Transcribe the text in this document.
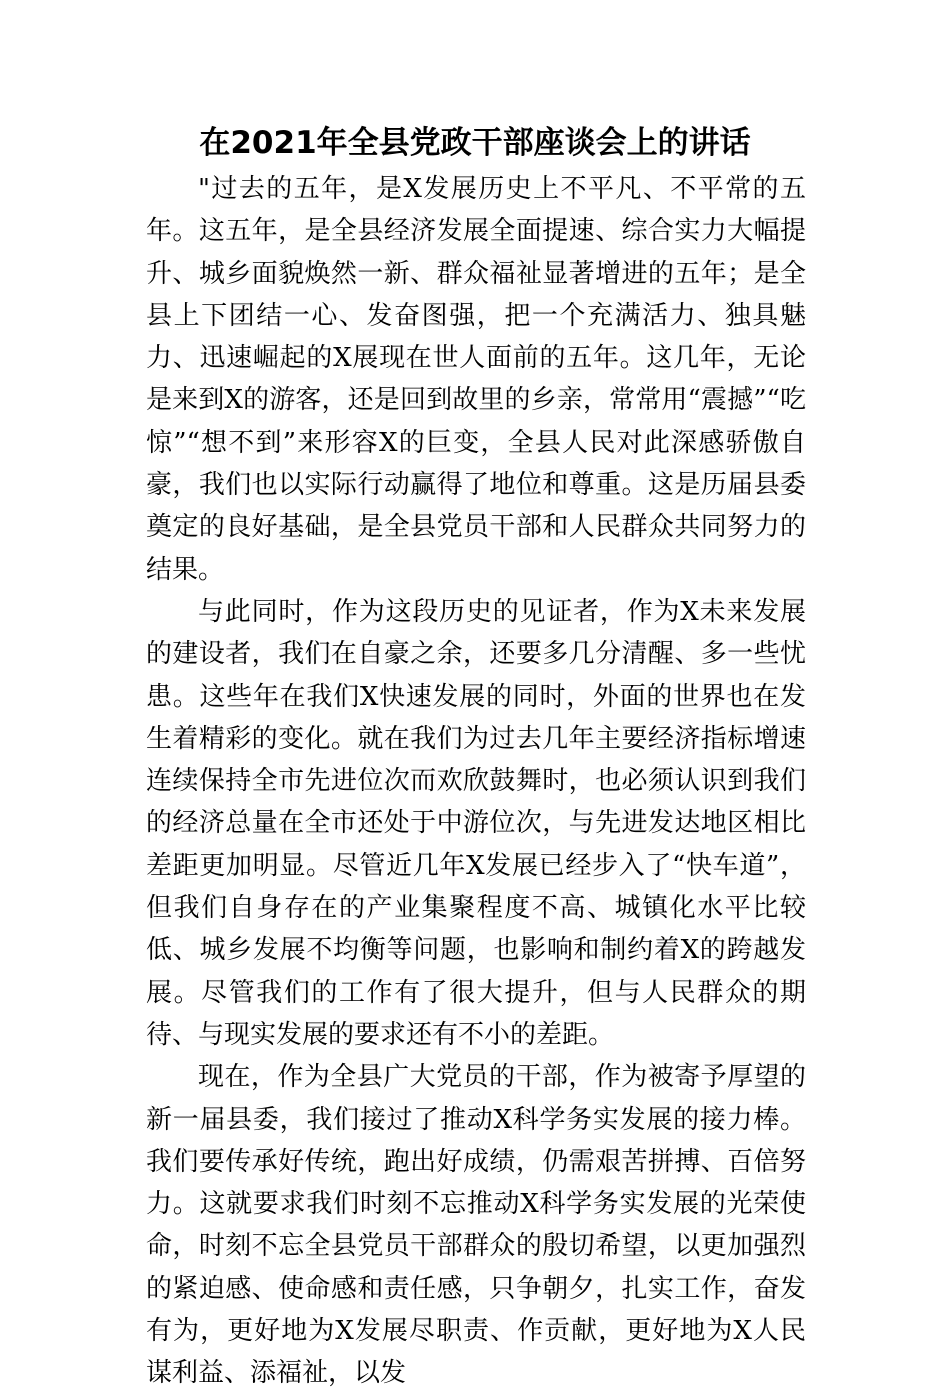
在2021年全县党政干部座谈会上的讲话

"过去的五年，是X发展历史上不平凡、不平常的五年。这五年，是全县经济发展全面提速、综合实力大幅提升、城乡面貌焕然一新、群众福祉显著增进的五年；是全县上下团结一心、发奋图强，把一个充满活力、独具魅力、迅速崛起的X展现在世人面前的五年。这几年，无论是来到X的游客，还是回到故里的乡亲，常常用“震撼”“吃惊”“想不到”来形容X的巨变，全县人民对此深感骄傲自豪，我们也以实际行动赢得了地位和尊重。这是历届县委奠定的良好基础，是全县党员干部和人民群众共同努力的结果。

与此同时，作为这段历史的见证者，作为X未来发展的建设者，我们在自豪之余，还要多几分清醒、多一些忧患。这些年在我们X快速发展的同时，外面的世界也在发生着精彩的变化。就在我们为过去几年主要经济指标增速连续保持全市先进位次而欢欣鼓舞时，也必须认识到我们的经济总量在全市还处于中游位次，与先进发达地区相比差距更加明显。尽管近几年X发展已经步入了“快车道”，但我们自身存在的产业集聚程度不高、城镇化水平比较低、城乡发展不均衡等问题，也影响和制约着X的跨越发展。尽管我们的工作有了很大提升，但与人民群众的期待、与现实发展的要求还有不小的差距。

现在，作为全县广大党员的干部，作为被寄予厚望的新一届县委，我们接过了推动X科学务实发展的接力棒。我们要传承好传统，跑出好成绩，仍需艰苦拼搏、百倍努力。这就要求我们时刻不忘推动X科学务实发展的光荣使命，时刻不忘全县党员干部群众的殷切希望，以更加强烈的紧迫感、使命感和责任感，只争朝夕，扎实工作，奋发有为，更好地为X发展尽职责、作贡献，更好地为X人民谋利益、添福祉，以发
